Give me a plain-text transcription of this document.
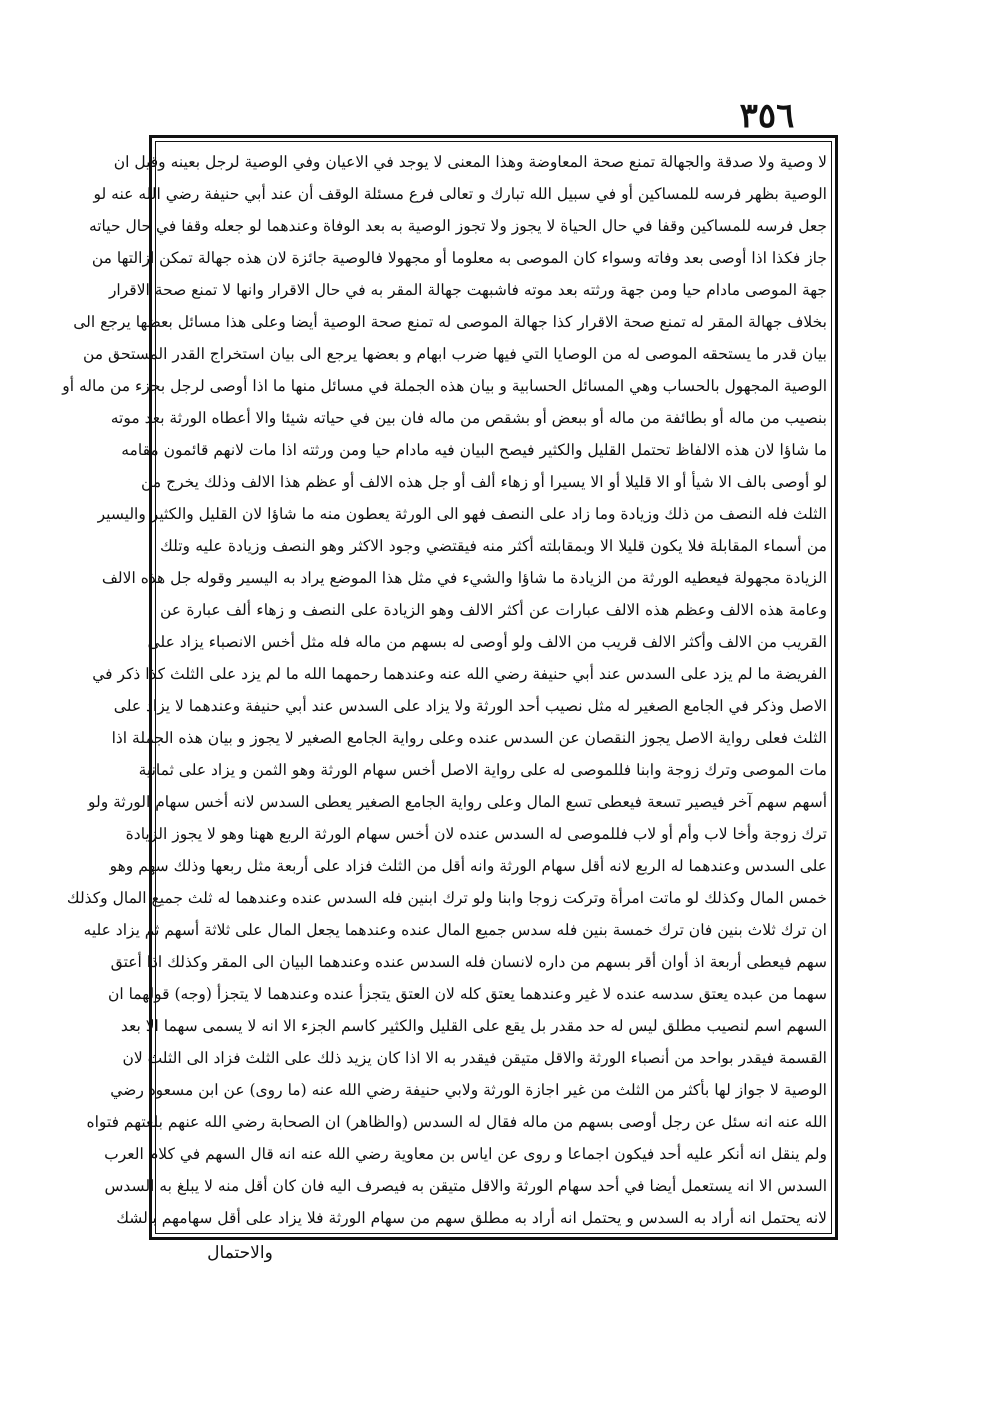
٣٥٦
لا وصية ولا صدقة والجهالة تمنع صحة المعاوضة وهذا المعنى لا يوجد في الاعيان وفي الوصية لرجل بعينه وقيل ان
الوصية بظهر فرسه للمساكين أو في سبيل الله تبارك و تعالى فرع مسئلة الوقف أن عند أبي حنيفة رضي الله عنه لو
جعل فرسه للمساكين وقفا في حال الحياة لا يجوز ولا تجوز الوصية به بعد الوفاة وعندهما لو جعله وقفا في حال حياته
جاز فكذا اذا أوصى بعد وفاته وسواء كان الموصى به معلوما أو مجهولا فالوصية جائزة لان هذه جهالة تمكن ازالتها من
جهة الموصى مادام حيا ومن جهة ورثته بعد موته فاشبهت جهالة المقر به في حال الاقرار وانها لا تمنع صحة الاقرار
بخلاف جهالة المقر له تمنع صحة الاقرار كذا جهالة الموصى له تمنع صحة الوصية أيضا وعلى هذا مسائل بعضها يرجع الى
بيان قدر ما يستحقه الموصى له من الوصايا التي فيها ضرب ابهام و بعضها يرجع الى بيان استخراج القدر المستحق من
الوصية المجهول بالحساب وهي المسائل الحسابية و بيان هذه الجملة في مسائل منها ما اذا أوصى لرجل بجزء من ماله أو
بنصيب من ماله أو بطائفة من ماله أو ببعض أو بشقص من ماله فان بين في حياته شيئا والا أعطاه الورثة بعد موته
ما شاؤا لان هذه الالفاظ تحتمل القليل والكثير فيصح البيان فيه مادام حيا ومن ورثته اذا مات لانهم قائمون مقامه
لو أوصى بالف الا شيأ أو الا قليلا أو الا يسيرا أو زهاء ألف أو جل هذه الالف أو عظم هذا الالف وذلك يخرج من
الثلث فله النصف من ذلك وزيادة وما زاد على النصف فهو الى الورثة يعطون منه ما شاؤا لان القليل والكثير واليسير
من أسماء المقابلة فلا يكون قليلا الا وبمقابلته أكثر منه فيقتضي وجود الاكثر وهو النصف وزيادة عليه وتلك
الزيادة مجهولة فيعطيه الورثة من الزيادة ما شاؤا والشيء في مثل هذا الموضع يراد به اليسير وقوله جل هذه الالف
وعامة هذه الالف وعظم هذه الالف عبارات عن أكثر الالف وهو الزيادة على النصف و زهاء ألف عبارة عن
القريب من الالف وأكثر الالف قريب من الالف ولو أوصى له بسهم من ماله فله مثل أخس الانصباء يزاد على
الفريضة ما لم يزد على السدس عند أبي حنيفة رضي الله عنه وعندهما رحمهما الله ما لم يزد على الثلث كذا ذكر في
الاصل وذكر في الجامع الصغير له مثل نصيب أحد الورثة ولا يزاد على السدس عند أبي حنيفة وعندهما لا يزاد على
الثلث فعلى رواية الاصل يجوز النقصان عن السدس عنده وعلى رواية الجامع الصغير لا يجوز و بيان هذه الجملة اذا
مات الموصى وترك زوجة وابنا فللموصى له على رواية الاصل أخس سهام الورثة وهو الثمن و يزاد على ثمانية
أسهم سهم آخر فيصير تسعة فيعطى تسع المال وعلى رواية الجامع الصغير يعطى السدس لانه أخس سهام الورثة ولو
ترك زوجة وأخا لاب وأم أو لاب فللموصى له السدس عنده لان أخس سهام الورثة الربع ههنا وهو لا يجوز الزيادة
على السدس وعندهما له الربع لانه أقل سهام الورثة وانه أقل من الثلث فزاد على أربعة مثل ربعها وذلك سهم وهو
خمس المال وكذلك لو ماتت امرأة وتركت زوجا وابنا ولو ترك ابنين فله السدس عنده وعندهما له ثلث جميع المال وكذلك
ان ترك ثلاث بنين فان ترك خمسة بنين فله سدس جميع المال عنده وعندهما يجعل المال على ثلاثة أسهم ثم يزاد عليه
سهم فيعطى أربعة اذ أوان أقر بسهم من داره لانسان فله السدس عنده وعندهما البيان الى المقر وكذلك اذا أعتق
سهما من عبده يعتق سدسه عنده لا غير وعندهما يعتق كله لان العتق يتجزأ عنده وعندهما لا يتجزأ (وجه) قولهما ان
السهم اسم لنصيب مطلق ليس له حد مقدر بل يقع على القليل والكثير كاسم الجزء الا انه لا يسمى سهما الا بعد
القسمة فيقدر بواحد من أنصباء الورثة والاقل متيقن فيقدر به الا اذا كان يزيد ذلك على الثلث فزاد الى الثلث لان
الوصية لا جواز لها بأكثر من الثلث من غير اجازة الورثة ولابي حنيفة رضي الله عنه (ما روى) عن ابن مسعود رضي
الله عنه انه سئل عن رجل أوصى بسهم من ماله فقال له السدس (والظاهر) ان الصحابة رضي الله عنهم بلغتهم فتواه
ولم ينقل انه أنكر عليه أحد فيكون اجماعا و روى عن اياس بن معاوية رضي الله عنه انه قال السهم في كلام العرب
السدس الا انه يستعمل أيضا في أحد سهام الورثة والاقل متيقن به فيصرف اليه فان كان أقل منه لا يبلغ به السدس
لانه يحتمل انه أراد به السدس و يحتمل انه أراد به مطلق سهم من سهام الورثة فلا يزاد على أقل سهامهم بالشك
والاحتمال
